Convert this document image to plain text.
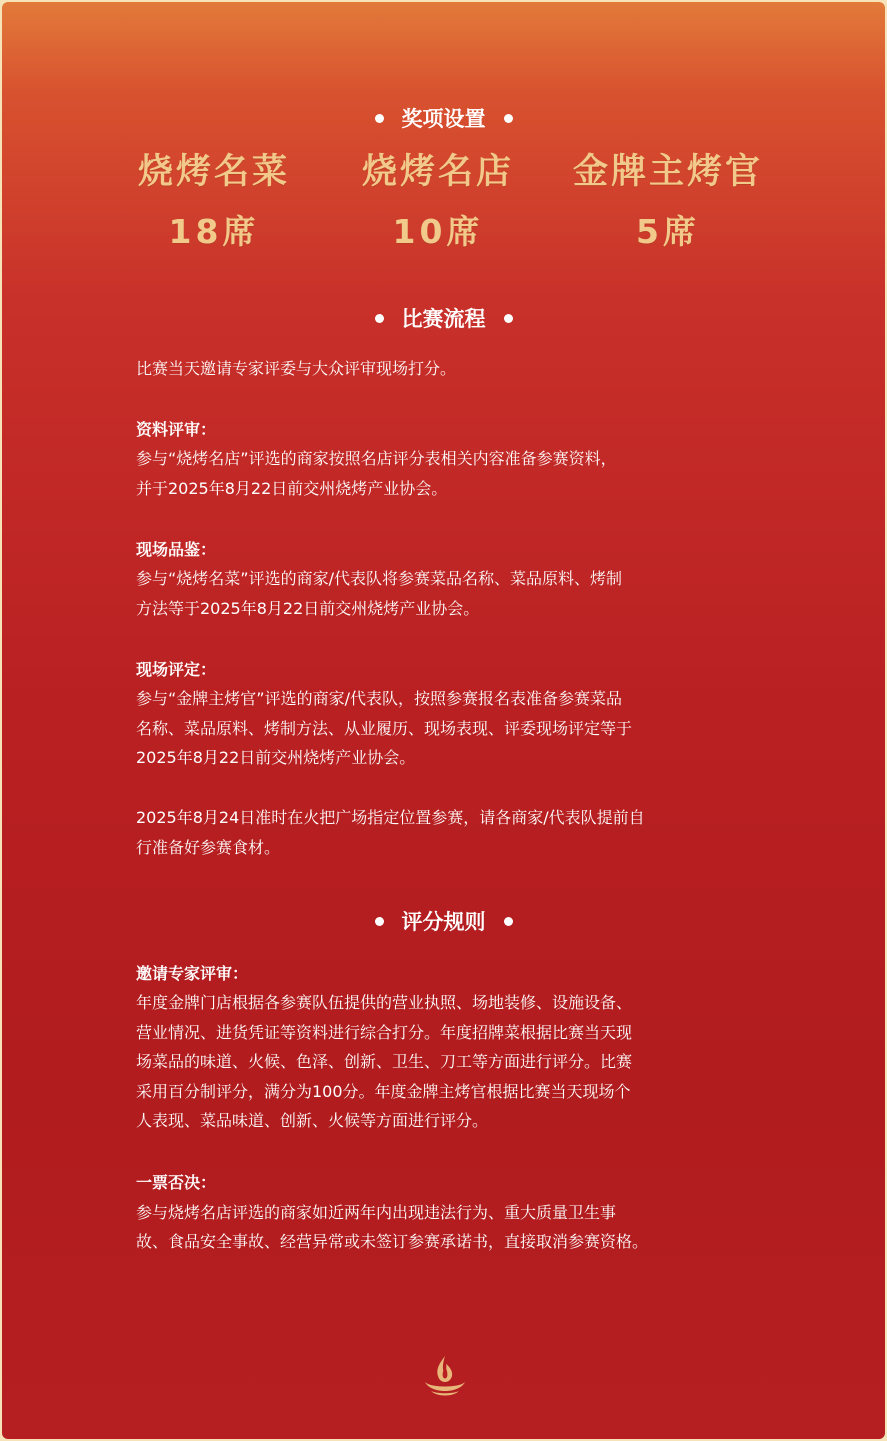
奖项设置
烧烤名菜
18席
烧烤名店
10席
金牌主烤官
5席
比赛流程
比赛当天邀请专家评委与大众评审现场打分。
资料评审：
参与“烧烤名店”评选的商家按照名店评分表相关内容准备参赛资料，
并于2025年8月22日前交州烧烤产业协会。
现场品鉴：
参与“烧烤名菜”评选的商家/代表队将参赛菜品名称、菜品原料、烤制
方法等于2025年8月22日前交州烧烤产业协会。
现场评定：
参与“金牌主烤官”评选的商家/代表队，按照参赛报名表准备参赛菜品
名称、菜品原料、烤制方法、从业履历、现场表现、评委现场评定等于
2025年8月22日前交州烧烤产业协会。
2025年8月24日准时在火把广场指定位置参赛，请各商家/代表队提前自
行准备好参赛食材。
评分规则
邀请专家评审：
年度金牌门店根据各参赛队伍提供的营业执照、场地装修、设施设备、
营业情况、进货凭证等资料进行综合打分。年度招牌菜根据比赛当天现
场菜品的味道、火候、色泽、创新、卫生、刀工等方面进行评分。比赛
采用百分制评分，满分为100分。年度金牌主烤官根据比赛当天现场个
人表现、菜品味道、创新、火候等方面进行评分。
一票否决：
参与烧烤名店评选的商家如近两年内出现违法行为、重大质量卫生事
故、食品安全事故、经营异常或未签订参赛承诺书，直接取消参赛资格。
